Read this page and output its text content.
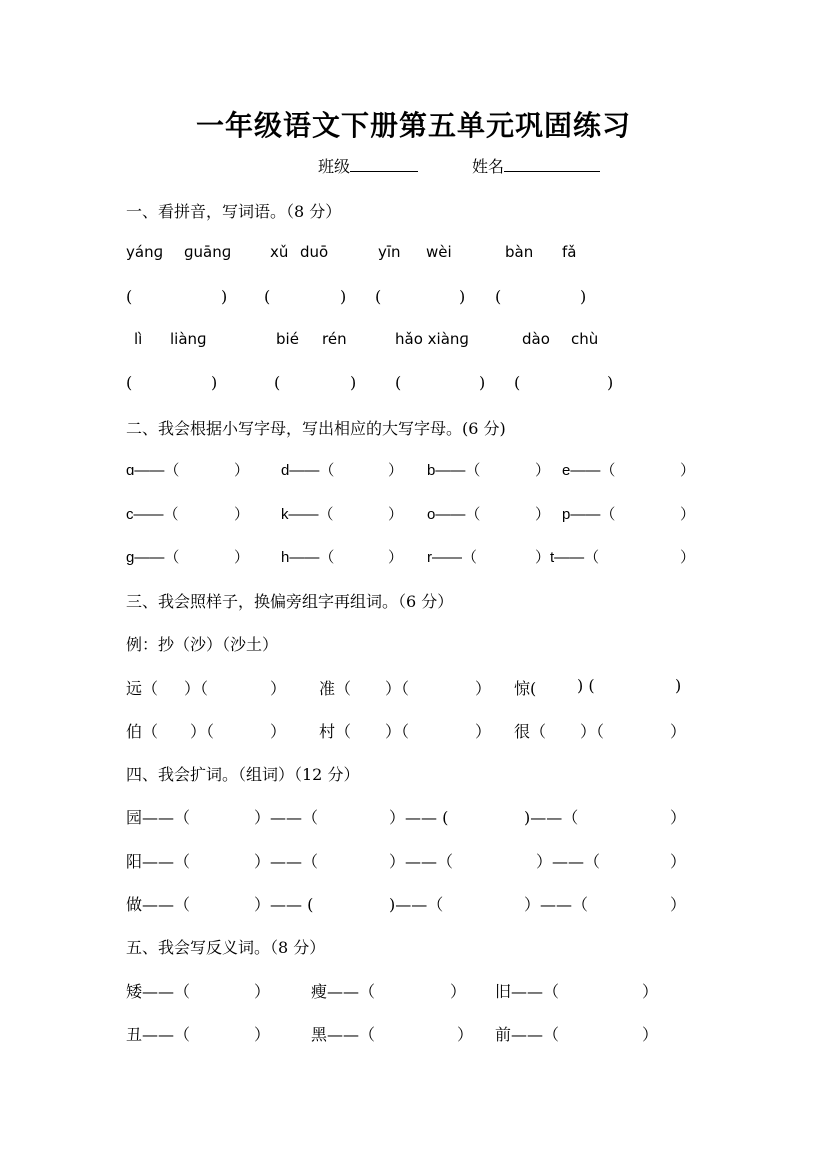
一年级语文下册第五单元巩固练习
班级	姓名
一、看拼音，写词语。（8 分）
yánɡ ɡuānɡ	xǔ duō	yīn wèi	bàn fǎ
(	) (	) (	) (	)
lì liànɡ	bié rén	hǎo xiànɡ	dào chù
(	)	(	) (	) (	)
二、我会根据小写字母，写出相应的大写字母。(6 分)
ɑ——（	） d——（	） b——（	） e——（	）
c——（	） k——（	） o——（	） p——（	）
g——（	） h——（	） r——（	）t——（	）
三、我会照样子，换偏旁组字再组词。（6 分）
例：抄（沙）（沙土）
远（ ）（	） 准（ ）（	） 惊(	) (	)
伯（ ）（	） 村（ ）（	） 很（ ）（	）
四、我会扩词。（组词）（12 分）
园——（	）——（	）—— (	)——（	）
阳——（	）——（	）——（	）——（	）
做——（	）—— (	)——（	）——（	）
五、我会写反义词。（8 分）
矮——（	）	瘦——（	） 旧——（	）
丑——（	）	黑——（	） 前——（	）
